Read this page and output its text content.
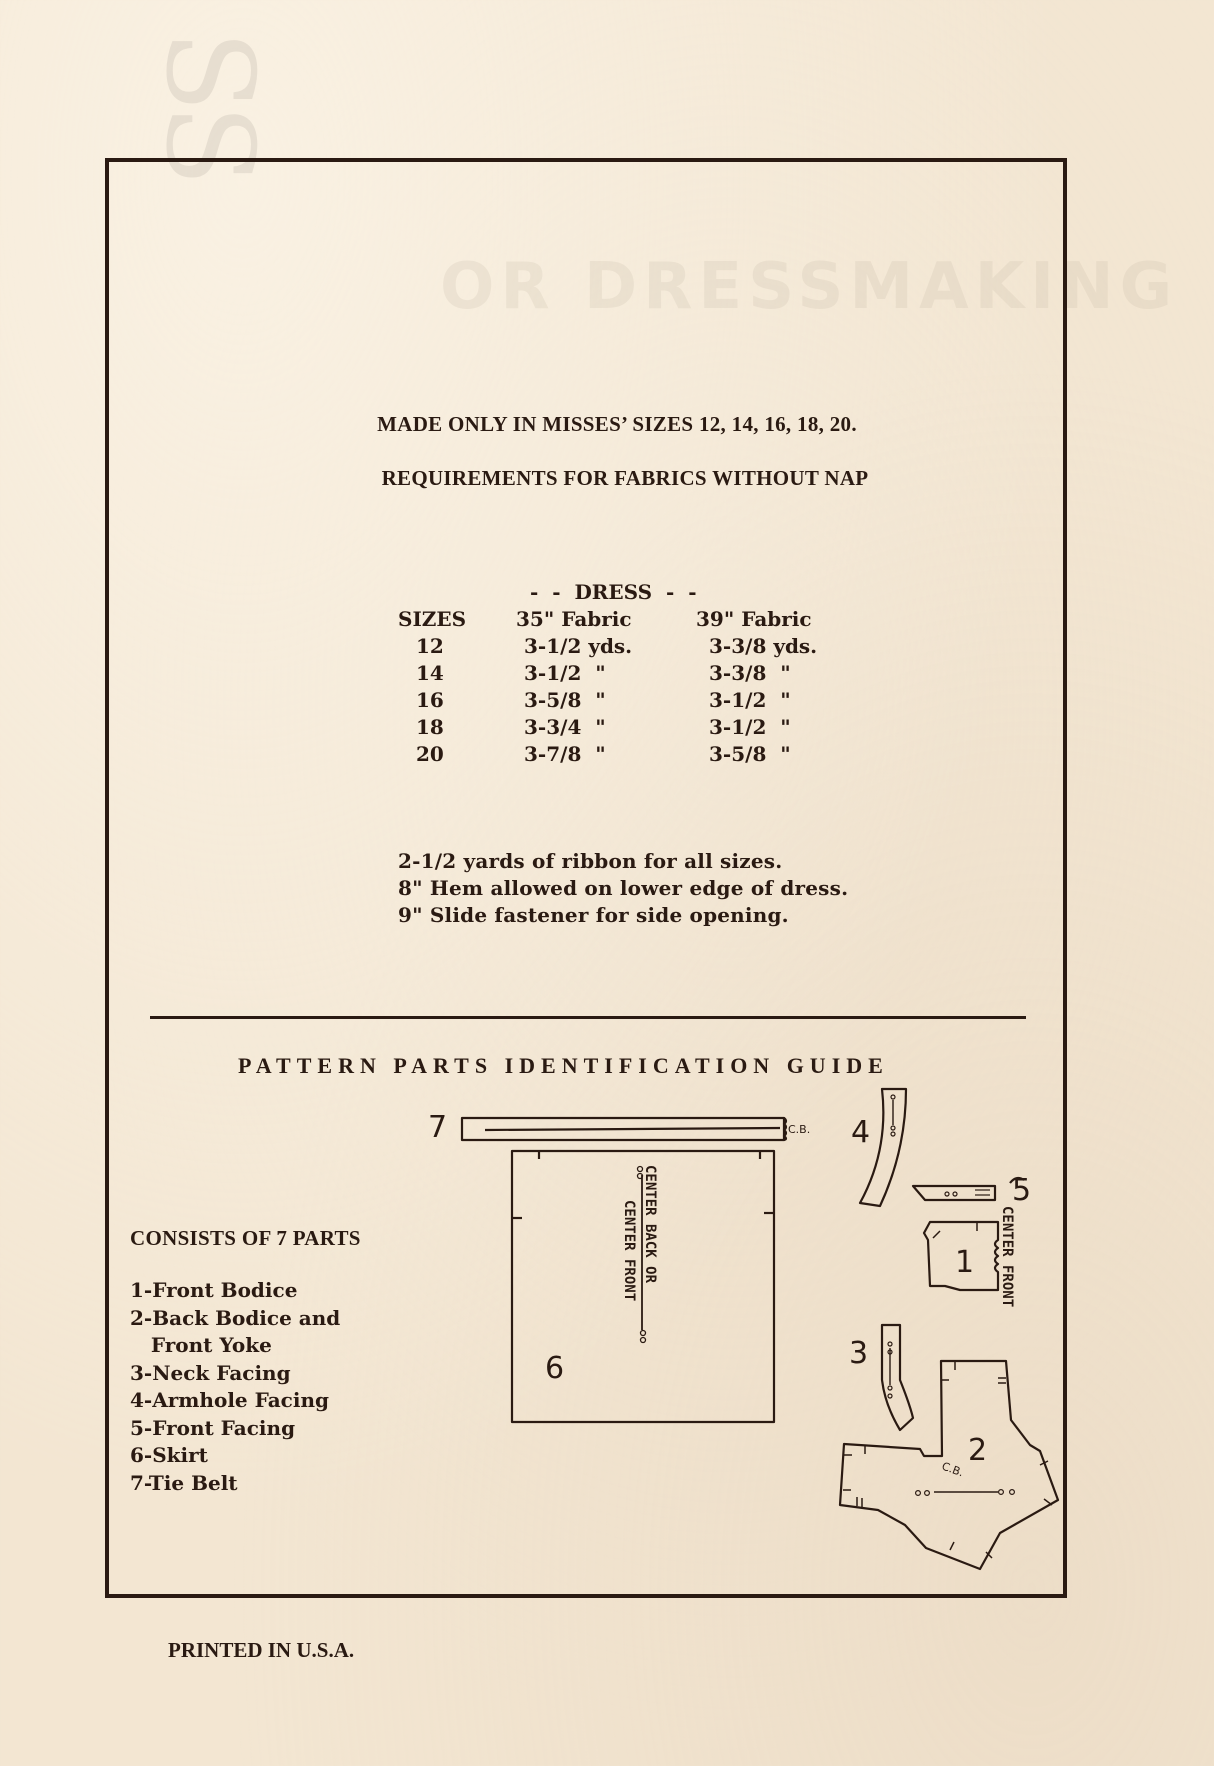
SS
OR DRESSMAKING
MADE ONLY IN MISSES’ SIZES 12, 14, 16, 18, 20.
REQUIREMENTS FOR FABRICS WITHOUT NAP
-  -  DRESS  -  -
SIZES 35" Fabric	39" Fabric
12	3-1/2 yds.	3-3/8 yds.
14	3-1/2  "	3-3/8  "
16	3-5/8  "	3-1/2  "
18	3-3/4  "	3-1/2  "
20	3-7/8  "	3-5/8  "
2-1/2 yards of ribbon for all sizes.
8" Hem allowed on lower edge of dress.
9" Slide fastener for side opening.
PATTERN PARTS IDENTIFICATION GUIDE
CONSISTS OF 7 PARTS
1-Front Bodice
2-Back Bodice and
Front Yoke
3-Neck Facing
4-Armhole Facing
5-Front Facing
6-Skirt
7-Tie Belt
7
6
4
5
1
3
2
C.B.
C.B.
CENTER BACK OR
CENTER FRONT	CENTER FRONT
PRINTED IN U.S.A.
